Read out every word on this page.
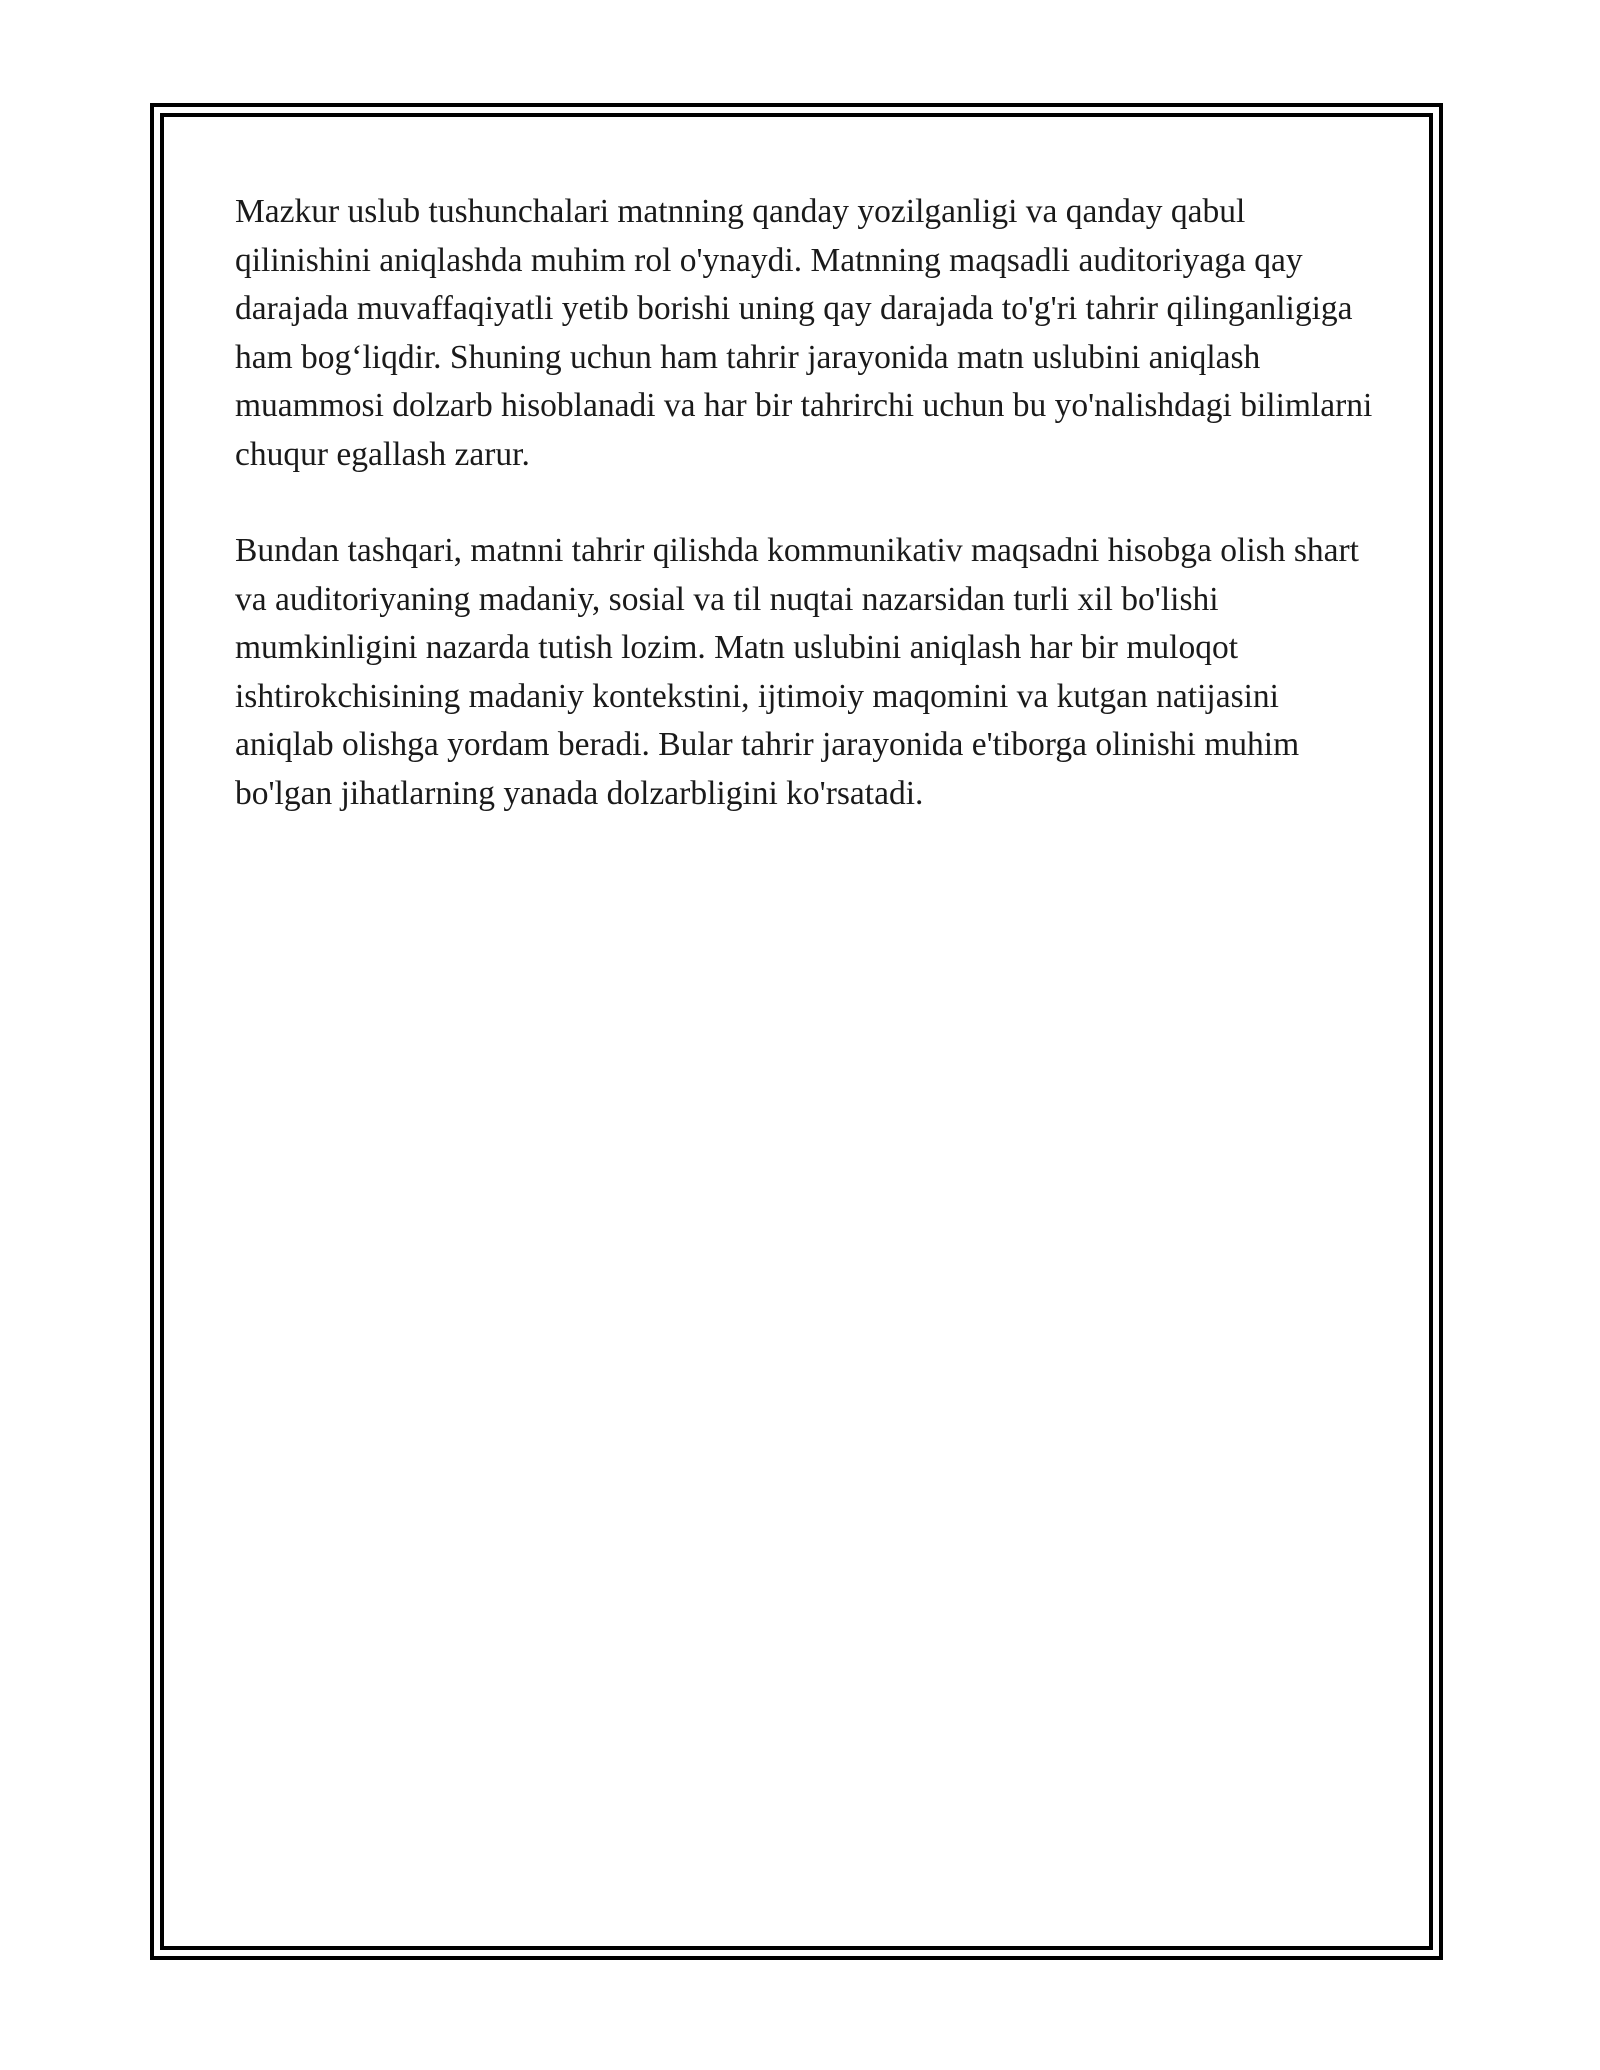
Mazkur uslub tushunchalari matnning qanday yozilganligi va qanday qabul qilinishini aniqlashda muhim rol o'ynaydi. Matnning maqsadli auditoriyaga qay darajada muvaffaqiyatli yetib borishi uning qay darajada to'g'ri tahrir qilinganligiga ham bog‘liqdir. Shuning uchun ham tahrir jarayonida matn uslubini aniqlash muammosi dolzarb hisoblanadi va har bir tahrirchi uchun bu yo'nalishdagi bilimlarni chuqur egallash zarur.

Bundan tashqari, matnni tahrir qilishda kommunikativ maqsadni hisobga olish shart va auditoriyaning madaniy, sosial va til nuqtai nazarsidan turli xil bo'lishi mumkinligini nazarda tutish lozim. Matn uslubini aniqlash har bir muloqot ishtirokchisining madaniy kontekstini, ijtimoiy maqomini va kutgan natijasini aniqlab olishga yordam beradi. Bular tahrir jarayonida e'tiborga olinishi muhim bo'lgan jihatlarning yanada dolzarbligini ko'rsatadi.
